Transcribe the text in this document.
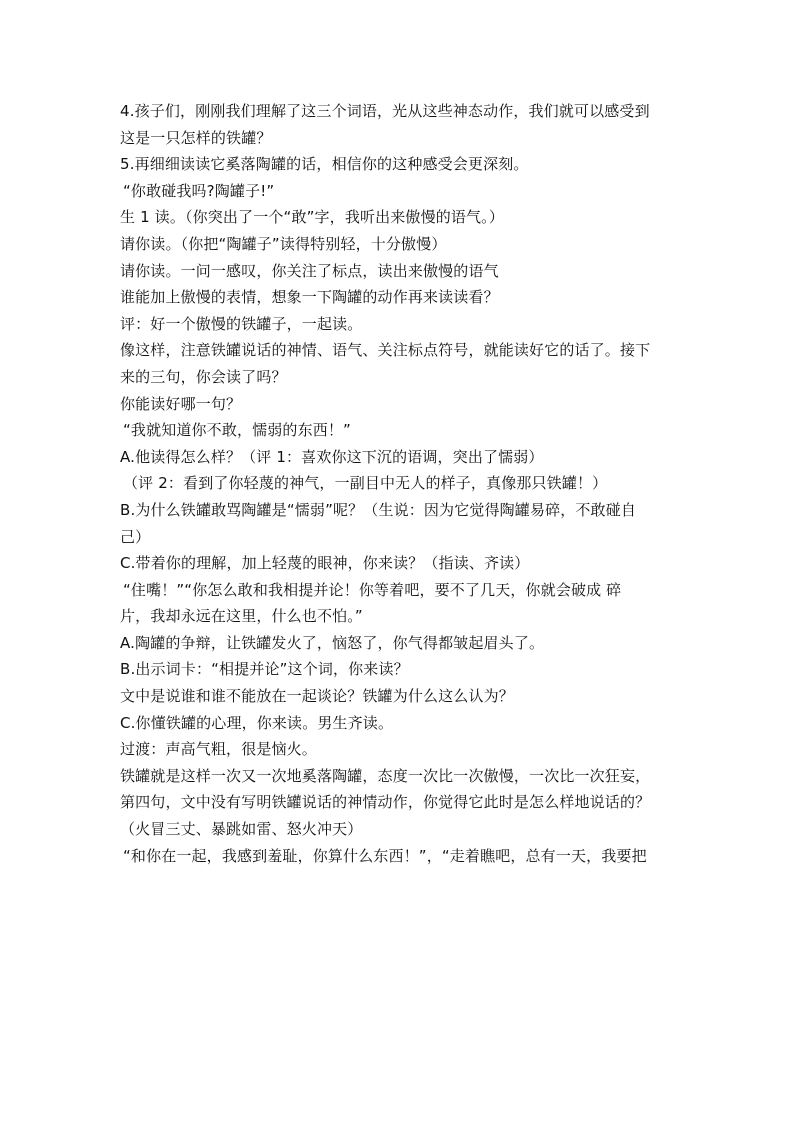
4.孩子们，刚刚我们理解了这三个词语，光从这些神态动作，我们就可以感受到
这是一只怎样的铁罐？
5.再细细读读它奚落陶罐的话，相信你的这种感受会更深刻。
“你敢碰我吗?陶罐子!”
生 1 读。（你突出了一个“敢”字，我听出来傲慢的语气。）
请你读。（你把“陶罐子”读得特别轻，十分傲慢）
请你读。一问一感叹，你关注了标点，读出来傲慢的语气
谁能加上傲慢的表情，想象一下陶罐的动作再来读读看？
评：好一个傲慢的铁罐子，一起读。
像这样，注意铁罐说话的神情、语气、关注标点符号，就能读好它的话了。接下
来的三句，你会读了吗？
你能读好哪一句？
“我就知道你不敢，懦弱的东西！”
A.他读得怎么样？（评 1：喜欢你这下沉的语调，突出了懦弱）
（评 2：看到了你轻蔑的神气，一副目中无人的样子，真像那只铁罐！）
B.为什么铁罐敢骂陶罐是“懦弱”呢？（生说：因为它觉得陶罐易碎，不敢碰自
己）
C.带着你的理解，加上轻蔑的眼神，你来读？（指读、齐读）
“住嘴！”“你怎么敢和我相提并论！你等着吧，要不了几天，你就会破成 碎
片，我却永远在这里，什么也不怕。”
A.陶罐的争辩，让铁罐发火了，恼怒了，你气得都皱起眉头了。
B.出示词卡：“相提并论”这个词，你来读？
文中是说谁和谁不能放在一起谈论？铁罐为什么这么认为？
C.你懂铁罐的心理，你来读。男生齐读。
过渡：声高气粗，很是恼火。
铁罐就是这样一次又一次地奚落陶罐，态度一次比一次傲慢，一次比一次狂妄，
第四句，文中没有写明铁罐说话的神情动作，你觉得它此时是怎么样地说话的？
（火冒三丈、暴跳如雷、怒火冲天）
“和你在一起，我感到羞耻，你算什么东西！”，“走着瞧吧，总有一天，我要把
